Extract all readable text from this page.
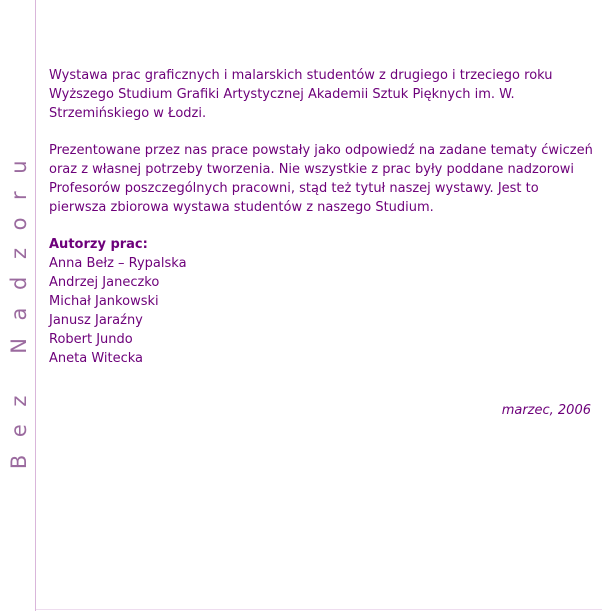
Bez Nadzoru

Wystawa prac graficznych i malarskich studentów z drugiego i trzeciego roku Wyższego Studium Grafiki Artystycznej Akademii Sztuk Pięknych im. W. Strzemińskiego w Łodzi.

Prezentowane przez nas prace powstały jako odpowiedź na zadane tematy ćwiczeń oraz z własnej potrzeby tworzenia. Nie wszystkie z prac były poddane nadzorowi Profesorów poszczególnych pracowni, stąd też tytuł naszej wystawy. Jest to pierwsza zbiorowa wystawa studentów z naszego Studium.

Autorzy prac:
Anna Bełz – Rypalska
Andrzej Janeczko
Michał Jankowski
Janusz Jaraźny
Robert Jundo
Aneta Witecka
marzec, 2006
